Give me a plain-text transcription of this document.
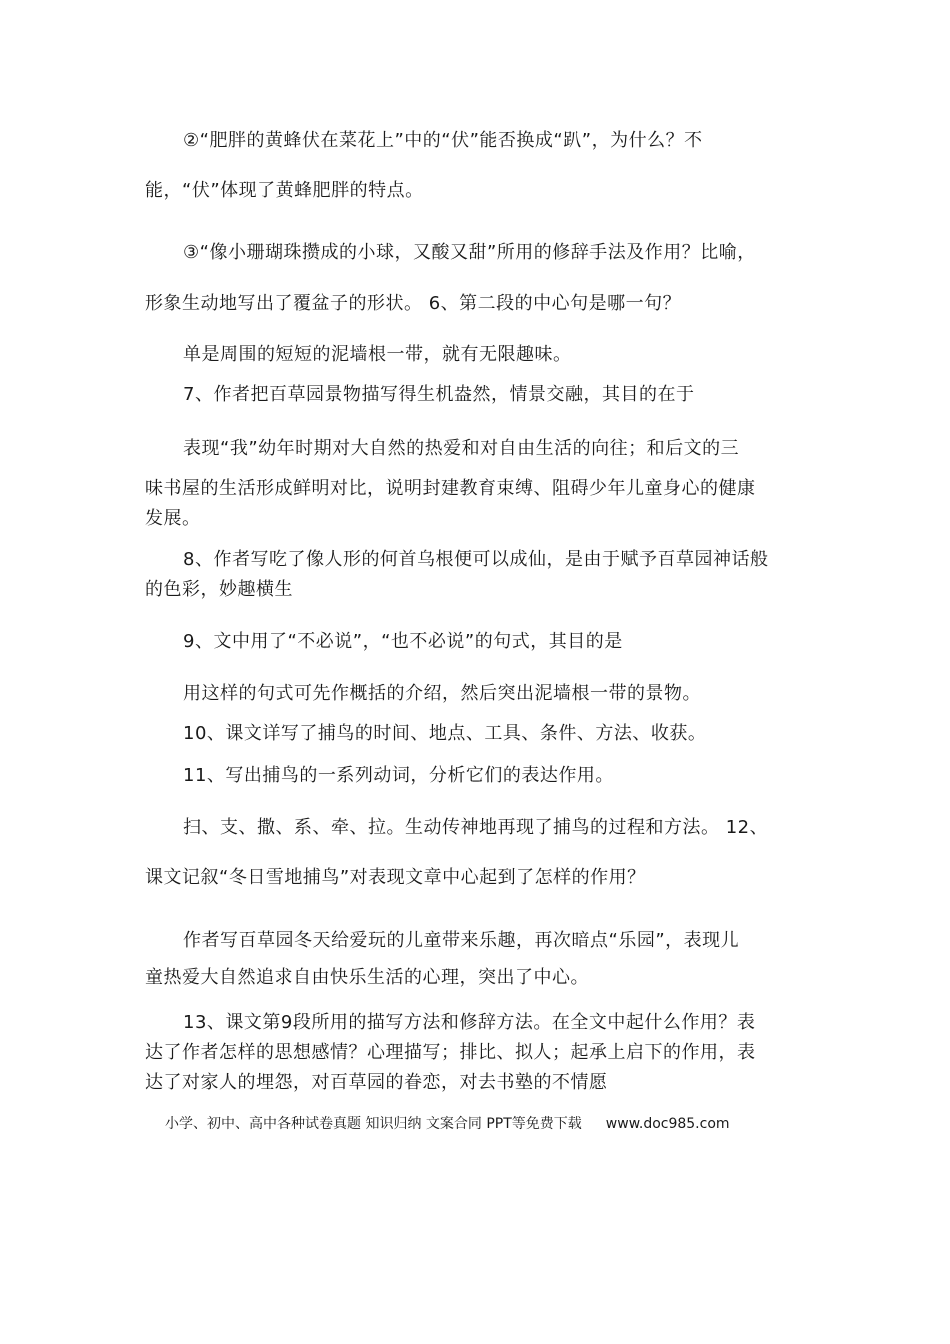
②“肥胖的黄蜂伏在菜花上”中的“伏”能否换成“趴”，为什么？不
能，“伏”体现了黄蜂肥胖的特点。
③“像小珊瑚珠攒成的小球，又酸又甜”所用的修辞手法及作用？比喻，
形象生动地写出了覆盆子的形状。 6、第二段的中心句是哪一句？
单是周围的短短的泥墙根一带，就有无限趣味。
7、作者把百草园景物描写得生机盎然，情景交融，其目的在于
表现“我”幼年时期对大自然的热爱和对自由生活的向往；和后文的三
味书屋的生活形成鲜明对比，说明封建教育束缚、阻碍少年儿童身心的健康
发展。
8、作者写吃了像人形的何首乌根便可以成仙，是由于赋予百草园神话般
的色彩，妙趣横生
9、文中用了“不必说”，“也不必说”的句式，其目的是
用这样的句式可先作概括的介绍，然后突出泥墙根一带的景物。
10、课文详写了捕鸟的时间、地点、工具、条件、方法、收获。
11、写出捕鸟的一系列动词，分析它们的表达作用。
扫、支、撒、系、牵、拉。生动传神地再现了捕鸟的过程和方法。 12、
课文记叙“冬日雪地捕鸟”对表现文章中心起到了怎样的作用？
作者写百草园冬天给爱玩的儿童带来乐趣，再次暗点“乐园”，表现儿
童热爱大自然追求自由快乐生活的心理，突出了中心。
13、课文第9段所用的描写方法和修辞方法。在全文中起什么作用？表
达了作者怎样的思想感情？心理描写；排比、拟人；起承上启下的作用，表
达了对家人的埋怨，对百草园的眷恋，对去书塾的不情愿
小学、初中、高中各种试卷真题 知识归纳 文案合同 PPT等免费下载 www.doc985.com
